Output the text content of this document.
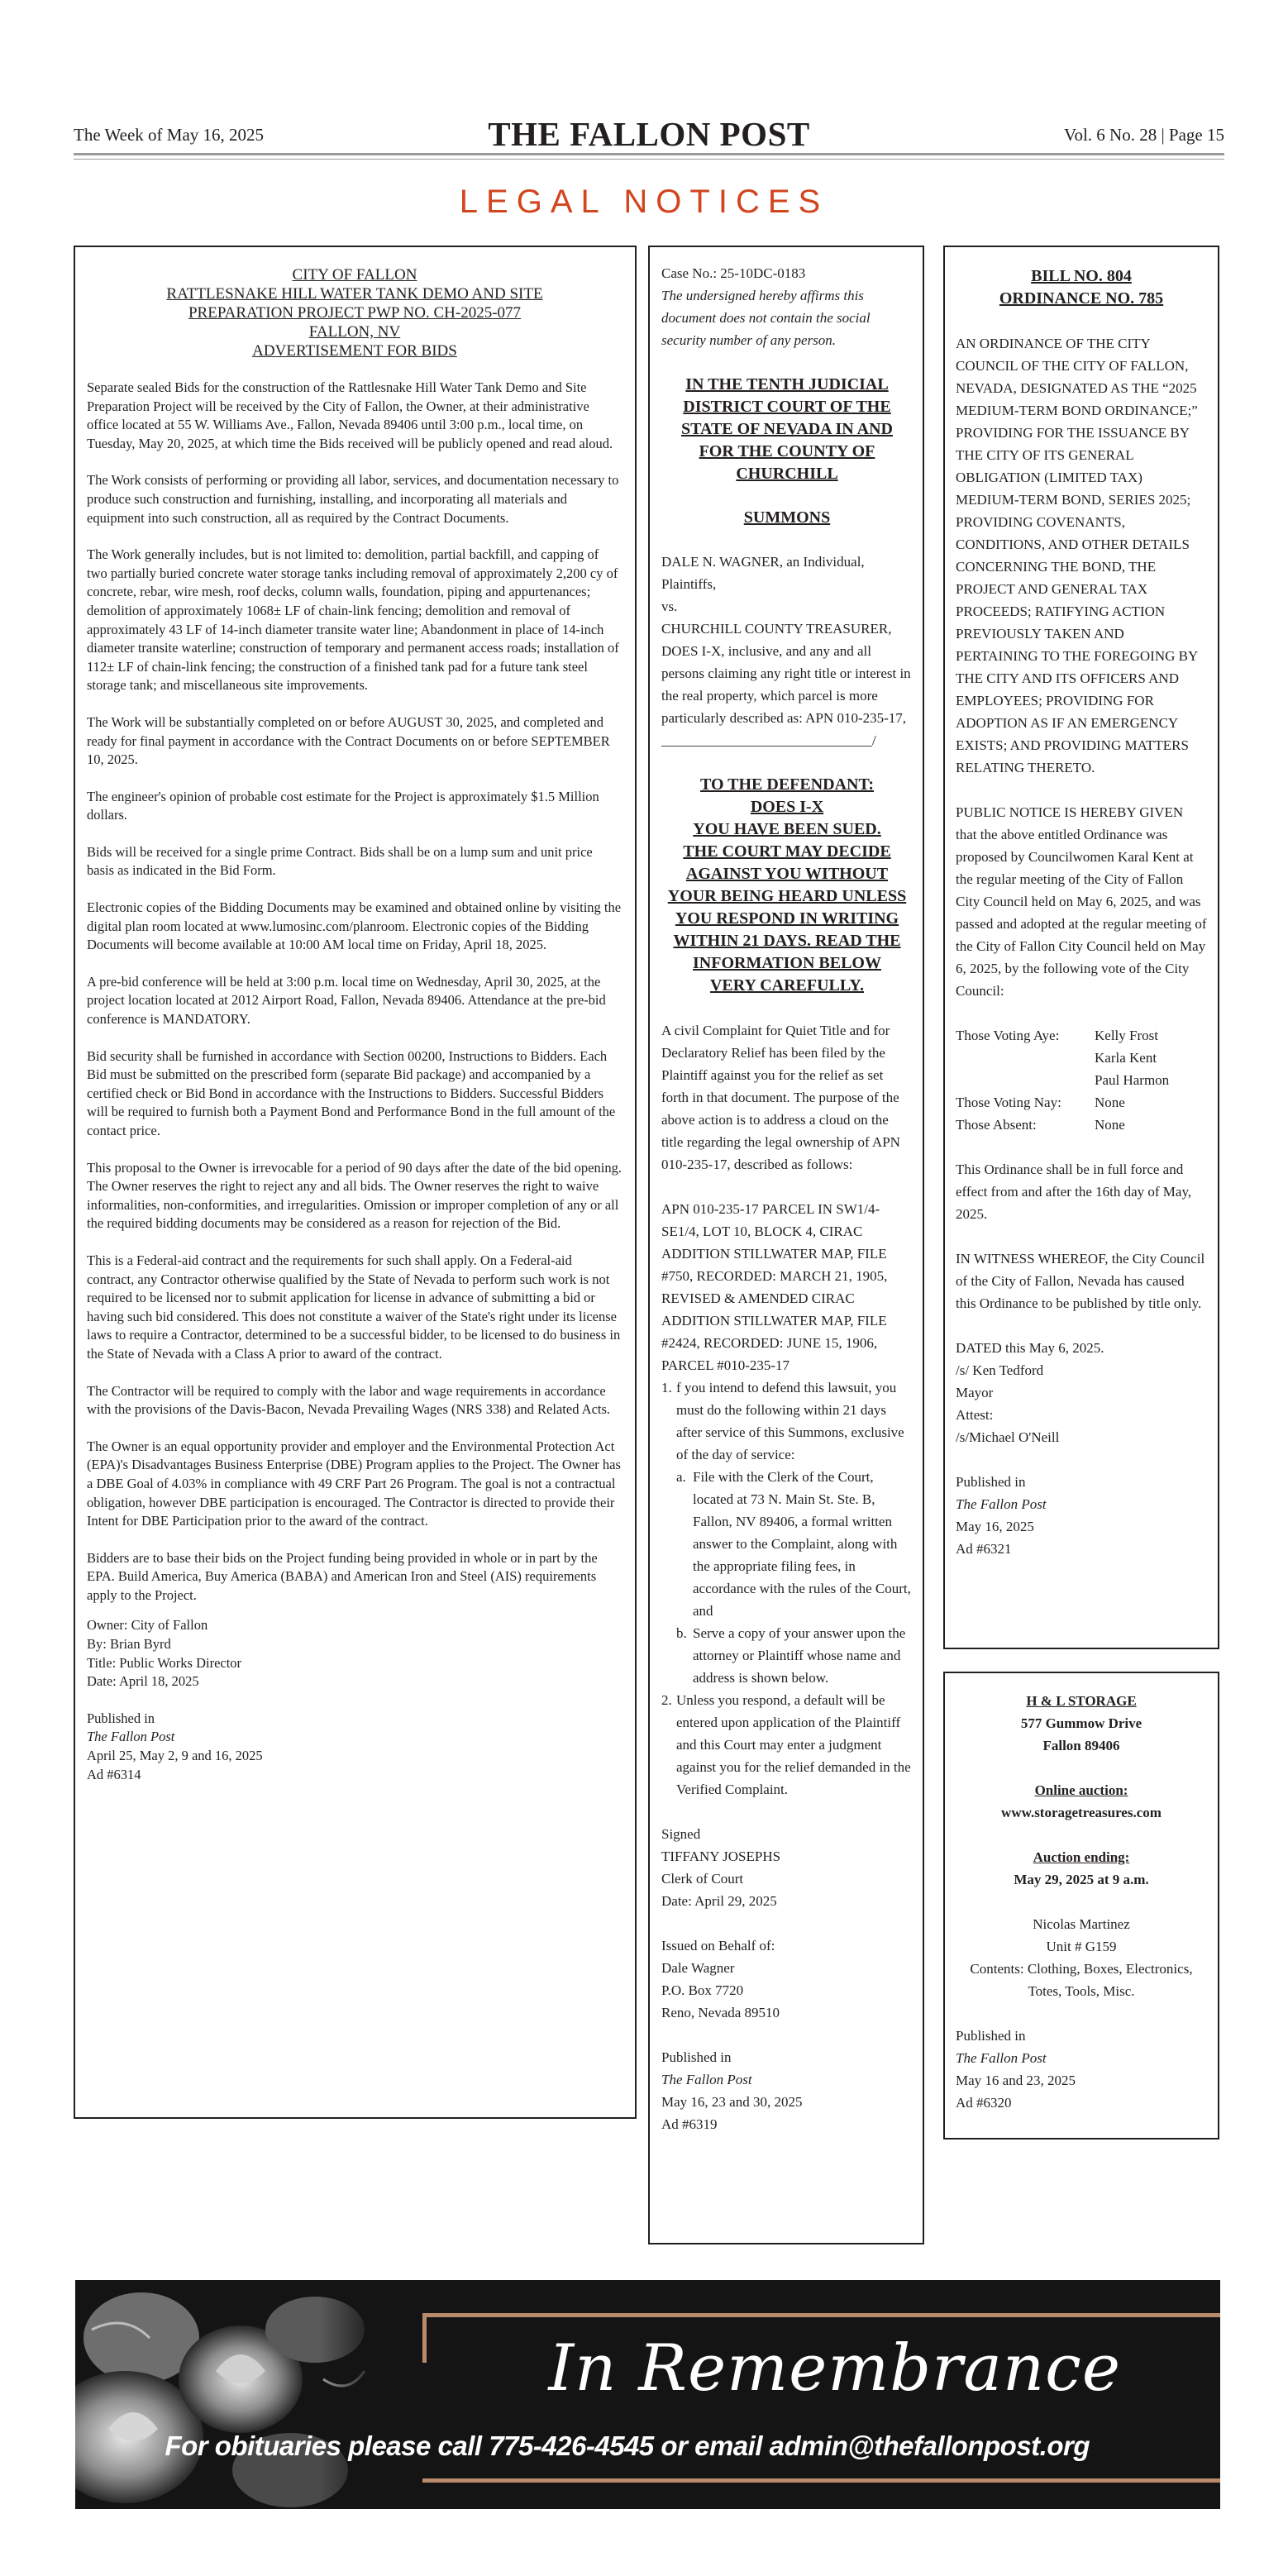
The Week of May 16, 2025	THE FALLON POST	Vol. 6 No. 28 | Page 15
LEGAL NOTICES
CITY OF FALLON
RATTLESNAKE HILL WATER TANK DEMO AND SITE
PREPARATION PROJECT PWP NO. CH-2025-077
FALLON, NV
ADVERTISEMENT FOR BIDS
Separate sealed Bids for the construction of the Rattlesnake Hill Water Tank Demo and Site Preparation Project will be received by the City of Fallon, the Owner, at their administrative office located at 55 W. Williams Ave., Fallon, Nevada 89406 until 3:00 p.m., local time, on Tuesday, May 20, 2025, at which time the Bids received will be publicly opened and read aloud.
The Work consists of performing or providing all labor, services, and documentation necessary to produce such construction and furnishing, installing, and incorporating all materials and equipment into such construction, all as required by the Contract Documents.
The Work generally includes, but is not limited to: demolition, partial backfill, and capping of two partially buried concrete water storage tanks including removal of approximately 2,200 cy of concrete, rebar, wire mesh, roof decks, column walls, foundation, piping and appurtenances; demolition of approximately 1068± LF of chain-link fencing; demolition and removal of approximately 43 LF of 14-inch diameter transite water line; Abandonment in place of 14-inch diameter transite waterline; construction of temporary and permanent access roads; installation of 112± LF of chain-link fencing; the construction of a finished tank pad for a future tank steel storage tank; and miscellaneous site improvements.
The Work will be substantially completed on or before AUGUST 30, 2025, and completed and ready for final payment in accordance with the Contract Documents on or before SEPTEMBER 10, 2025.
The engineer's opinion of probable cost estimate for the Project is approximately $1.5 Million dollars.
Bids will be received for a single prime Contract. Bids shall be on a lump sum and unit price basis as indicated in the Bid Form.
Electronic copies of the Bidding Documents may be examined and obtained online by visiting the digital plan room located at www.lumosinc.com/planroom. Electronic copies of the Bidding Documents will become available at 10:00 AM local time on Friday, April 18, 2025.
A pre-bid conference will be held at 3:00 p.m. local time on Wednesday, April 30, 2025, at the project location located at 2012 Airport Road, Fallon, Nevada 89406. Attendance at the pre-bid conference is MANDATORY.
Bid security shall be furnished in accordance with Section 00200, Instructions to Bidders. Each Bid must be submitted on the prescribed form (separate Bid package) and accompanied by a certified check or Bid Bond in accordance with the Instructions to Bidders. Successful Bidders will be required to furnish both a Payment Bond and Performance Bond in the full amount of the contact price.
This proposal to the Owner is irrevocable for a period of 90 days after the date of the bid opening. The Owner reserves the right to reject any and all bids. The Owner reserves the right to waive informalities, non-conformities, and irregularities. Omission or improper completion of any or all the required bidding documents may be considered as a reason for rejection of the Bid.
This is a Federal-aid contract and the requirements for such shall apply. On a Federal-aid contract, any Contractor otherwise qualified by the State of Nevada to perform such work is not required to be licensed nor to submit application for license in advance of submitting a bid or having such bid considered. This does not constitute a waiver of the State's right under its license laws to require a Contractor, determined to be a successful bidder, to be licensed to do business in the State of Nevada with a Class A prior to award of the contract.
The Contractor will be required to comply with the labor and wage requirements in accordance with the provisions of the Davis-Bacon, Nevada Prevailing Wages (NRS 338) and Related Acts.
The Owner is an equal opportunity provider and employer and the Environmental Protection Act (EPA)'s Disadvantages Business Enterprise (DBE) Program applies to the Project. The Owner has a DBE Goal of 4.03% in compliance with 49 CRF Part 26 Program. The goal is not a contractual obligation, however DBE participation is encouraged. The Contractor is directed to provide their Intent for DBE Participation prior to the award of the contract.
Bidders are to base their bids on the Project funding being provided in whole or in part by the EPA. Build America, Buy America (BABA) and American Iron and Steel (AIS) requirements apply to the Project.
Owner: City of Fallon
By: Brian Byrd
Title: Public Works Director
Date: April 18, 2025
Published in
The Fallon Post
April 25, May 2, 9 and 16, 2025
Ad #6314
Case No.: 25-10DC-0183
The undersigned hereby affirms this document does not contain the social security number of any person.
IN THE TENTH JUDICIAL
DISTRICT COURT OF THE
STATE OF NEVADA IN AND
FOR THE COUNTY OF
CHURCHILL
SUMMONS
DALE N. WAGNER, an Individual,
Plaintiffs,
vs.
CHURCHILL COUNTY TREASURER, DOES I-X, inclusive, and any and all persons claiming any right title or interest in the real property, which parcel is more particularly described as: APN 010-235-17,
______________________________/
TO THE DEFENDANT:
DOES I-X
YOU HAVE BEEN SUED.
THE COURT MAY DECIDE
AGAINST YOU WITHOUT
YOUR BEING HEARD UNLESS
YOU RESPOND IN WRITING
WITHIN 21 DAYS. READ THE
INFORMATION BELOW
VERY CAREFULLY.
A civil Complaint for Quiet Title and for Declaratory Relief has been filed by the Plaintiff against you for the relief as set forth in that document. The purpose of the above action is to address a cloud on the title regarding the legal ownership of APN 010-235-17, described as follows:
APN 010-235-17 PARCEL IN SW1/4-SE1/4, LOT 10, BLOCK 4, CIRAC ADDITION STILLWATER MAP, FILE #750, RECORDED: MARCH 21, 1905, REVISED & AMENDED CIRAC ADDITION STILLWATER MAP, FILE #2424, RECORDED: JUNE 15, 1906, PARCEL #010-235-17
1. f you intend to defend this lawsuit, you must do the following within 21 days after service of this Summons, exclusive of the day of service:
a. File with the Clerk of the Court, located at 73 N. Main St. Ste. B, Fallon, NV 89406, a formal written answer to the Complaint, along with the appropriate filing fees, in accordance with the rules of the Court, and
b. Serve a copy of your answer upon the attorney or Plaintiff whose name and address is shown below.
2. Unless you respond, a default will be entered upon application of the Plaintiff and this Court may enter a judgment against you for the relief demanded in the Verified Complaint.
Signed
TIFFANY JOSEPHS
Clerk of Court
Date: April 29, 2025
Issued on Behalf of:
Dale Wagner
P.O. Box 7720
Reno, Nevada 89510
Published in
The Fallon Post
May 16, 23 and 30, 2025
Ad #6319
BILL NO. 804
ORDINANCE NO. 785
AN ORDINANCE OF THE CITY COUNCIL OF THE CITY OF FALLON, NEVADA, DESIGNATED AS THE “2025 MEDIUM-TERM BOND ORDINANCE;” PROVIDING FOR THE ISSUANCE BY THE CITY OF ITS GENERAL OBLIGATION (LIMITED TAX) MEDIUM-TERM BOND, SERIES 2025; PROVIDING COVENANTS, CONDITIONS, AND OTHER DETAILS CONCERNING THE BOND, THE PROJECT AND GENERAL TAX PROCEEDS; RATIFYING ACTION PREVIOUSLY TAKEN AND PERTAINING TO THE FOREGOING BY THE CITY AND ITS OFFICERS AND EMPLOYEES; PROVIDING FOR ADOPTION AS IF AN EMERGENCY EXISTS; AND PROVIDING MATTERS RELATING THERETO.
PUBLIC NOTICE IS HEREBY GIVEN that the above entitled Ordinance was proposed by Councilwomen Karal Kent at the regular meeting of the City of Fallon City Council held on May 6, 2025, and was passed and adopted at the regular meeting of the City of Fallon City Council held on May 6, 2025, by the following vote of the City Council:
Those Voting Aye:	Kelly Frost
Karla Kent
Paul Harmon
Those Voting Nay:	None
Those Absent:	None
This Ordinance shall be in full force and effect from and after the 16th day of May, 2025.
IN WITNESS WHEREOF, the City Council of the City of Fallon, Nevada has caused this Ordinance to be published by title only.
DATED this May 6, 2025.
/s/ Ken Tedford
Mayor
Attest:
/s/Michael O'Neill
Published in
The Fallon Post
May 16, 2025
Ad #6321
H & L STORAGE
577 Gummow Drive
Fallon 89406
Online auction:
www.storagetreasures.com
Auction ending:
May 29, 2025 at 9 a.m.
Nicolas Martinez
Unit # G159
Contents: Clothing, Boxes, Electronics, Totes, Tools, Misc.
Published in
The Fallon Post
May 16 and 23, 2025
Ad #6320
In Remembrance
For obituaries please call 775-426-4545 or email admin@thefallonpost.org
